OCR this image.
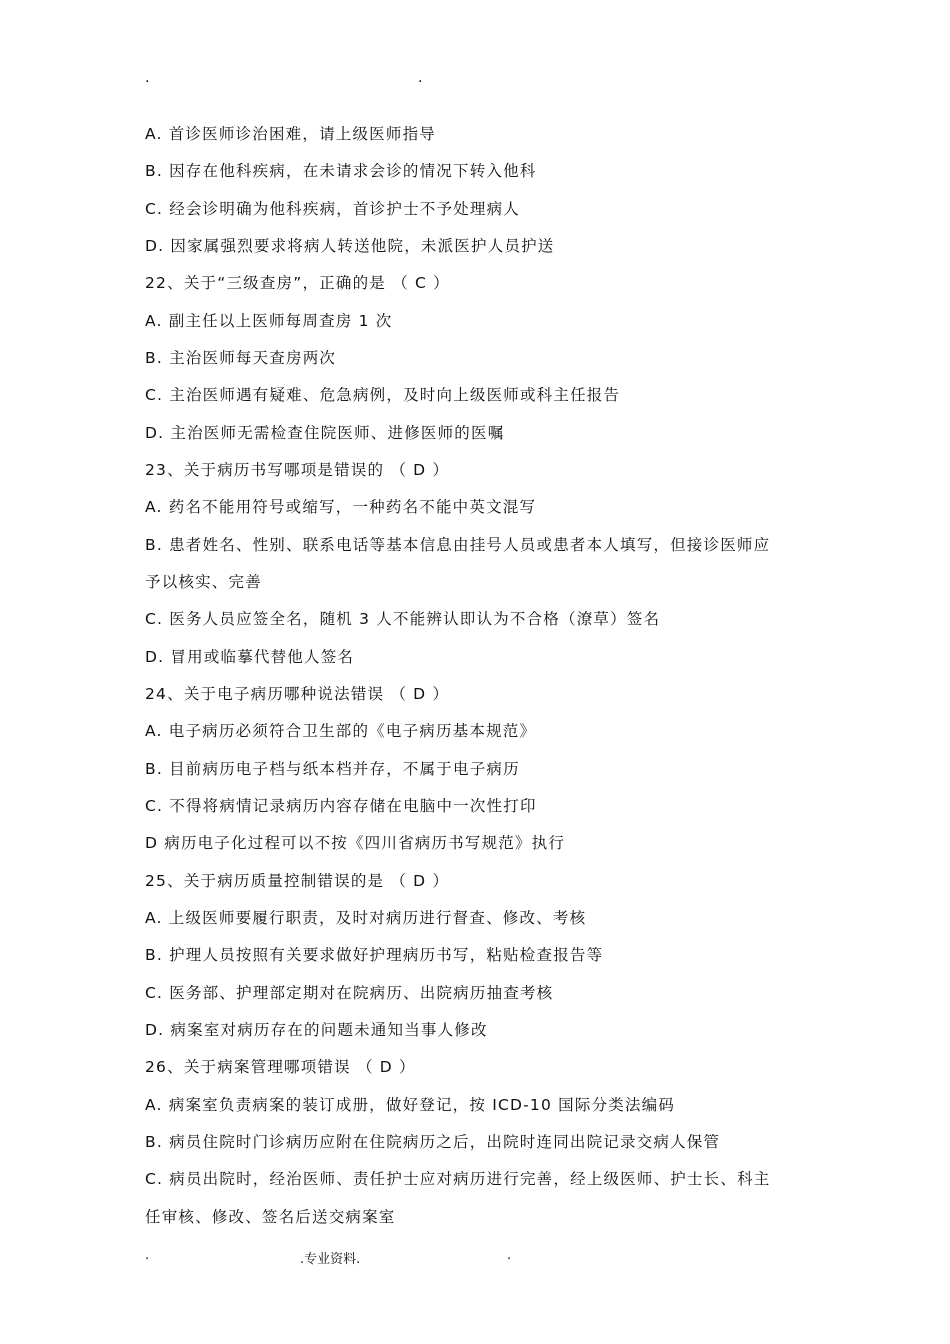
.	.
A. 首诊医师诊治困难，请上级医师指导
B. 因存在他科疾病，在未请求会诊的情况下转入他科
C. 经会诊明确为他科疾病，首诊护士不予处理病人
D. 因家属强烈要求将病人转送他院，未派医护人员护送
22、关于“三级查房”，正确的是 （ C ）
A. 副主任以上医师每周查房 1 次
B. 主治医师每天查房两次
C. 主治医师遇有疑难、危急病例，及时向上级医师或科主任报告
D. 主治医师无需检查住院医师、进修医师的医嘱
23、关于病历书写哪项是错误的 （ D ）
A. 药名不能用符号或缩写，一种药名不能中英文混写
B. 患者姓名、性别、联系电话等基本信息由挂号人员或患者本人填写，但接诊医师应
予以核实、完善
C. 医务人员应签全名，随机 3 人不能辨认即认为不合格（潦草）签名
D. 冒用或临摹代替他人签名
24、关于电子病历哪种说法错误 （ D ）
A. 电子病历必须符合卫生部的《电子病历基本规范》
B. 目前病历电子档与纸本档并存，不属于电子病历
C. 不得将病情记录病历内容存储在电脑中一次性打印
D 病历电子化过程可以不按《四川省病历书写规范》执行
25、关于病历质量控制错误的是 （ D ）
A. 上级医师要履行职责，及时对病历进行督查、修改、考核
B. 护理人员按照有关要求做好护理病历书写，粘贴检查报告等
C. 医务部、护理部定期对在院病历、出院病历抽查考核
D. 病案室对病历存在的问题未通知当事人修改
26、关于病案管理哪项错误 （ D ）
A. 病案室负责病案的装订成册，做好登记，按 ICD-10 国际分类法编码
B. 病员住院时门诊病历应附在住院病历之后，出院时连同出院记录交病人保管
C. 病员出院时，经治医师、责任护士应对病历进行完善，经上级医师、护士长、科主
任审核、修改、签名后送交病案室
.	.专业资料.	.
